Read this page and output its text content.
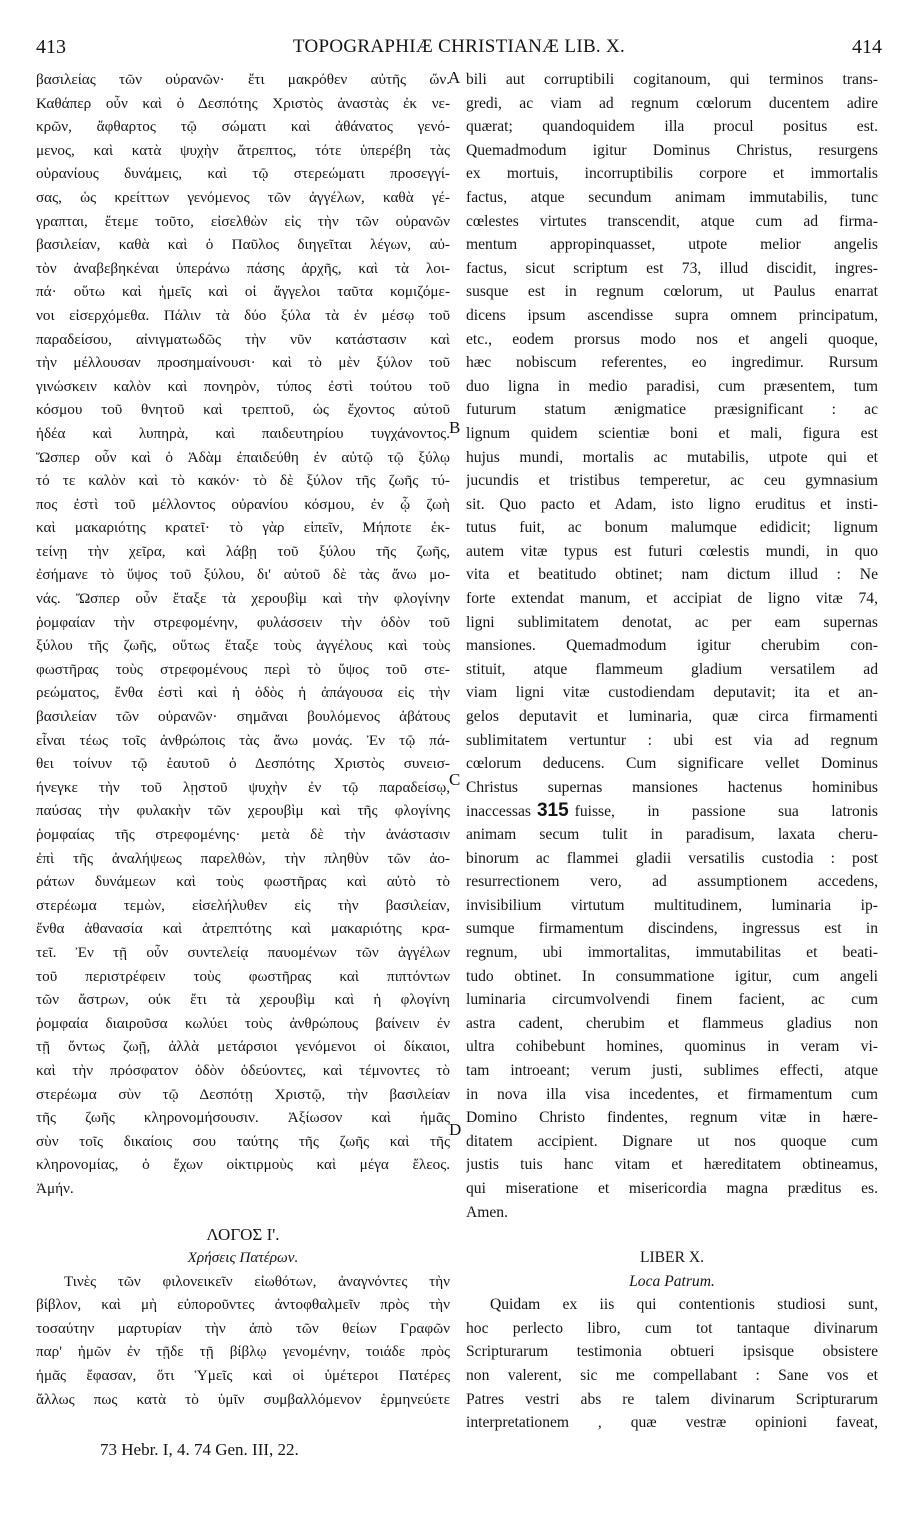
413	TOPOGRAPHIÆ CHRISTIANÆ LIB. X.	414
A
B
C
D
βασιλείας τῶν οὐρανῶν· ἔτι μακρόθεν αὐτῆς ὤν.
Καθάπερ οὖν καὶ ὁ Δεσπότης Χριστὸς ἀναστὰς ἐκ νε-
κρῶν, ἄφθαρτος τῷ σώματι καὶ ἀθάνατος γενό-
μενος, καὶ κατὰ ψυχὴν ἄτρεπτος, τότε ὑπερέβη τὰς
οὐρανίους δυνάμεις, καὶ τῷ στερεώματι προσεγγί-
σας, ὡς κρείττων γενόμενος τῶν ἀγγέλων, καθὰ γέ-
γραπται, ἔτεμε τοῦτο, εἰσελθὼν εἰς τὴν τῶν οὐρανῶν
βασιλείαν, καθὰ καὶ ὁ Παῦλος διηγεῖται λέγων, αὐ-
τὸν ἀναβεβηκέναι ὑπεράνω πάσης ἀρχῆς, καὶ τὰ λοι-
πά· οὕτω καὶ ἡμεῖς καὶ οἱ ἄγγελοι ταῦτα κομιζόμε-
νοι εἰσερχόμεθα. Πάλιν τὰ δύο ξύλα τὰ ἐν μέσῳ τοῦ
παραδείσου, αἰνιγματωδῶς τὴν νῦν κατάστασιν καὶ
τὴν μέλλουσαν προσημαίνουσι· καὶ τὸ μὲν ξύλον τοῦ
γινώσκειν καλὸν καὶ πονηρὸν, τύπος ἐστὶ τούτου τοῦ
κόσμου τοῦ θνητοῦ καὶ τρεπτοῦ, ὡς ἔχοντος αὐτοῦ
ἡδέα καὶ λυπηρὰ, καὶ παιδευτηρίου τυγχάνοντος.
Ὥσπερ οὖν καὶ ὁ Ἀδὰμ ἐπαιδεύθη ἐν αὐτῷ τῷ ξύλῳ
τό τε καλὸν καὶ τὸ κακόν· τὸ δὲ ξύλον τῆς ζωῆς τύ-
πος ἐστὶ τοῦ μέλλοντος οὐρανίου κόσμου, ἐν ᾧ ζωὴ
καὶ μακαριότης κρατεῖ· τὸ γὰρ εἰπεῖν, Μήποτε ἐκ-
τείνῃ τὴν χεῖρα, καὶ λάβῃ τοῦ ξύλου τῆς ζωῆς,
ἐσήμανε τὸ ὕψος τοῦ ξύλου, δι' αὐτοῦ δὲ τὰς ἄνω μο-
νάς. Ὥσπερ οὖν ἔταξε τὰ χερουβὶμ καὶ τὴν φλογίνην
ῥομφαίαν τὴν στρεφομένην, φυλάσσειν τὴν ὁδὸν τοῦ
ξύλου τῆς ζωῆς, οὕτως ἔταξε τοὺς ἀγγέλους καὶ τοὺς
φωστῆρας τοὺς στρεφομένους περὶ τὸ ὕψος τοῦ στε-
ρεώματος, ἔνθα ἐστὶ καὶ ἡ ὁδὸς ἡ ἀπάγουσα εἰς τὴν
βασιλείαν τῶν οὐρανῶν· σημᾶναι βουλόμενος ἀβάτους
εἶναι τέως τοῖς ἀνθρώποις τὰς ἄνω μονάς. Ἐν τῷ πά-
θει τοίνυν τῷ ἑαυτοῦ ὁ Δεσπότης Χριστὸς συνεισ-
ήνεγκε τὴν τοῦ λῃστοῦ ψυχὴν ἐν τῷ παραδείσῳ,
παύσας τὴν φυλακὴν τῶν χερουβὶμ καὶ τῆς φλογίνης
ῥομφαίας τῆς στρεφομένης· μετὰ δὲ τὴν ἀνάστασιν
ἐπὶ τῆς ἀναλήψεως παρελθὼν, τὴν πληθὺν τῶν ἀο-
ράτων δυνάμεων καὶ τοὺς φωστῆρας καὶ αὐτὸ τὸ
στερέωμα τεμὼν, εἰσελήλυθεν εἰς τὴν βασιλείαν,
ἔνθα ἀθανασία καὶ ἀτρεπτότης καὶ μακαριότης κρα-
τεῖ. Ἐν τῇ οὖν συντελείᾳ παυομένων τῶν ἀγγέλων
τοῦ περιστρέφειν τοὺς φωστῆρας καὶ πιπτόντων
τῶν ἄστρων, οὐκ ἔτι τὰ χερουβὶμ καὶ ἡ φλογίνη
ῥομφαία διαιροῦσα κωλύει τοὺς ἀνθρώπους βαίνειν ἐν
τῇ ὄντως ζωῇ, ἀλλὰ μετάρσιοι γενόμενοι οἱ δίκαιοι,
καὶ τὴν πρόσφατον ὁδὸν ὁδεύοντες, καὶ τέμνοντες τὸ
στερέωμα σὺν τῷ Δεσπότῃ Χριστῷ, τὴν βασιλείαν
τῆς ζωῆς κληρονομήσουσιν. Ἀξίωσον καὶ ἡμᾶς
σὺν τοῖς δικαίοις σου ταύτης τῆς ζωῆς καὶ τῆς
κληρονομίας, ὁ ἔχων οἰκτιρμοὺς καὶ μέγα ἔλεος.
Ἀμήν.
ΛΟΓΟΣ Ι'.
Χρήσεις Πατέρων.
Τινὲς τῶν φιλονεικεῖν εἰωθότων, ἀναγνόντες τὴν
βίβλον, καὶ μὴ εὐποροῦντες ἀντοφθαλμεῖν πρὸς τὴν
τοσαύτην μαρτυρίαν τὴν ἀπὸ τῶν θείων Γραφῶν
παρ' ἡμῶν ἐν τῇδε τῇ βίβλῳ γενομένην, τοιάδε πρὸς
ἡμᾶς ἔφασαν, ὅτι Ὑμεῖς καὶ οἱ ὑμέτεροι Πατέρες
ἄλλως πως κατὰ τὸ ὑμῖν συμβαλλόμενον ἑρμηνεύετε
bili aut corruptibili cogitanoum, qui terminos trans-
gredi, ac viam ad regnum cœlorum ducentem adire
quærat; quandoquidem illa procul positus est.
Quemadmodum igitur Dominus Christus, resurgens
ex mortuis, incorruptibilis corpore et immortalis
factus, atque secundum animam immutabilis, tunc
cœlestes virtutes transcendit, atque cum ad firma-
mentum appropinquasset, utpote melior angelis
factus, sicut scriptum est 73, illud discidit, ingres-
susque est in regnum cœlorum, ut Paulus enarrat
dicens ipsum ascendisse supra omnem principatum,
etc., eodem prorsus modo nos et angeli quoque,
hæc nobiscum referentes, eo ingredimur. Rursum
duo ligna in medio paradisi, cum præsentem, tum
futurum statum ænigmatice præsignificant : ac
lignum quidem scientiæ boni et mali, figura est
hujus mundi, mortalis ac mutabilis, utpote qui et
jucundis et tristibus temperetur, ac ceu gymnasium
sit. Quo pacto et Adam, isto ligno eruditus et insti-
tutus fuit, ac bonum malumque edidicit; lignum
autem vitæ typus est futuri cœlestis mundi, in quo
vita et beatitudo obtinet; nam dictum illud : Ne
forte extendat manum, et accipiat de ligno vitæ 74,
ligni sublimitatem denotat, ac per eam supernas
mansiones. Quemadmodum igitur cherubim con-
stituit, atque flammeum gladium versatilem ad
viam ligni vitæ custodiendam deputavit; ita et an-
gelos deputavit et luminaria, quæ circa firmamenti
sublimitatem vertuntur : ubi est via ad regnum
cœlorum deducens. Cum significare vellet Dominus
Christus supernas mansiones hactenus hominibus
inaccessas 315 fuisse, in passione sua latronis
animam secum tulit in paradisum, laxata cheru-
binorum ac flammei gladii versatilis custodia : post
resurrectionem vero, ad assumptionem accedens,
invisibilium virtutum multitudinem, luminaria ip-
sumque firmamentum discindens, ingressus est in
regnum, ubi immortalitas, immutabilitas et beati-
tudo obtinet. In consummatione igitur, cum angeli
luminaria circumvolvendi finem facient, ac cum
astra cadent, cherubim et flammeus gladius non
ultra cohibebunt homines, quominus in veram vi-
tam introeant; verum justi, sublimes effecti, atque
in nova illa visa incedentes, et firmamentum cum
Domino Christo findentes, regnum vitæ in hære-
ditatem accipient. Dignare ut nos quoque cum
justis tuis hanc vitam et hæreditatem obtineamus,
qui miseratione et misericordia magna præditus es.
Amen.
LIBER X.
Loca Patrum.
Quidam ex iis qui contentionis studiosi sunt,
hoc perlecto libro, cum tot tantaque divinarum
Scripturarum testimonia obtueri ipsisque obsistere
non valerent, sic me compellabant : Sane vos et
Patres vestri abs re talem divinarum Scripturarum
interpretationem , quæ vestræ opinioni faveat,
73 Hebr. I, 4. 74 Gen. III, 22.
